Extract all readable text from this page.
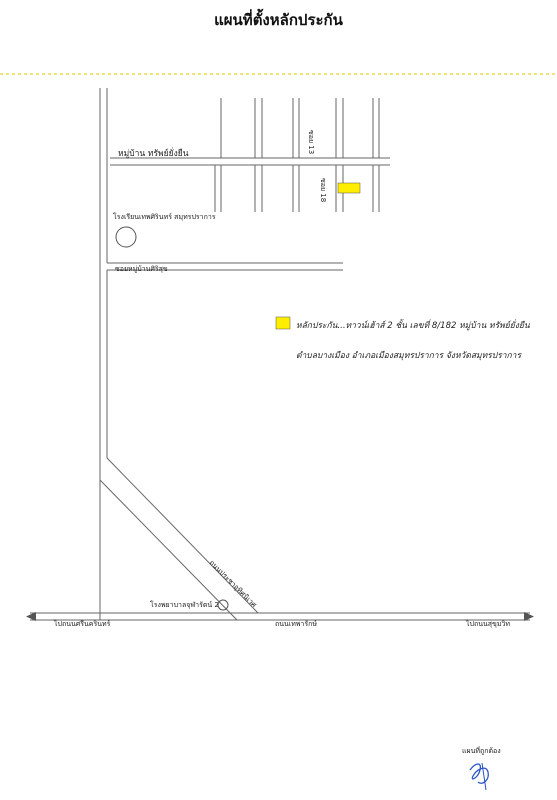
แผนที่ตั้งหลักประกัน
หมู่บ้าน ทรัพย์ยั่งยืน	ซอย 13
ซอย 18
โรงเรียนเทพศิรินทร์ สมุทรปราการ
ซอยหมู่บ้านศิริสุข
ถนนประชาอุทิศนิเวศ
โรงพยาบาลจุฬารัตน์ 2
ไปถนนศรีนครินทร์	ถนนเทพารักษ์	ไปถนนสุขุมวิท
หลักประกัน...ทาวน์เฮ้าส์ 2 ชั้น เลขที่ 8/182 หมู่บ้าน ทรัพย์ยั่งยืน
ตำบลบางเมือง อำเภอเมืองสมุทรปราการ จังหวัดสมุทรปราการ
แผนที่ถูกต้อง
